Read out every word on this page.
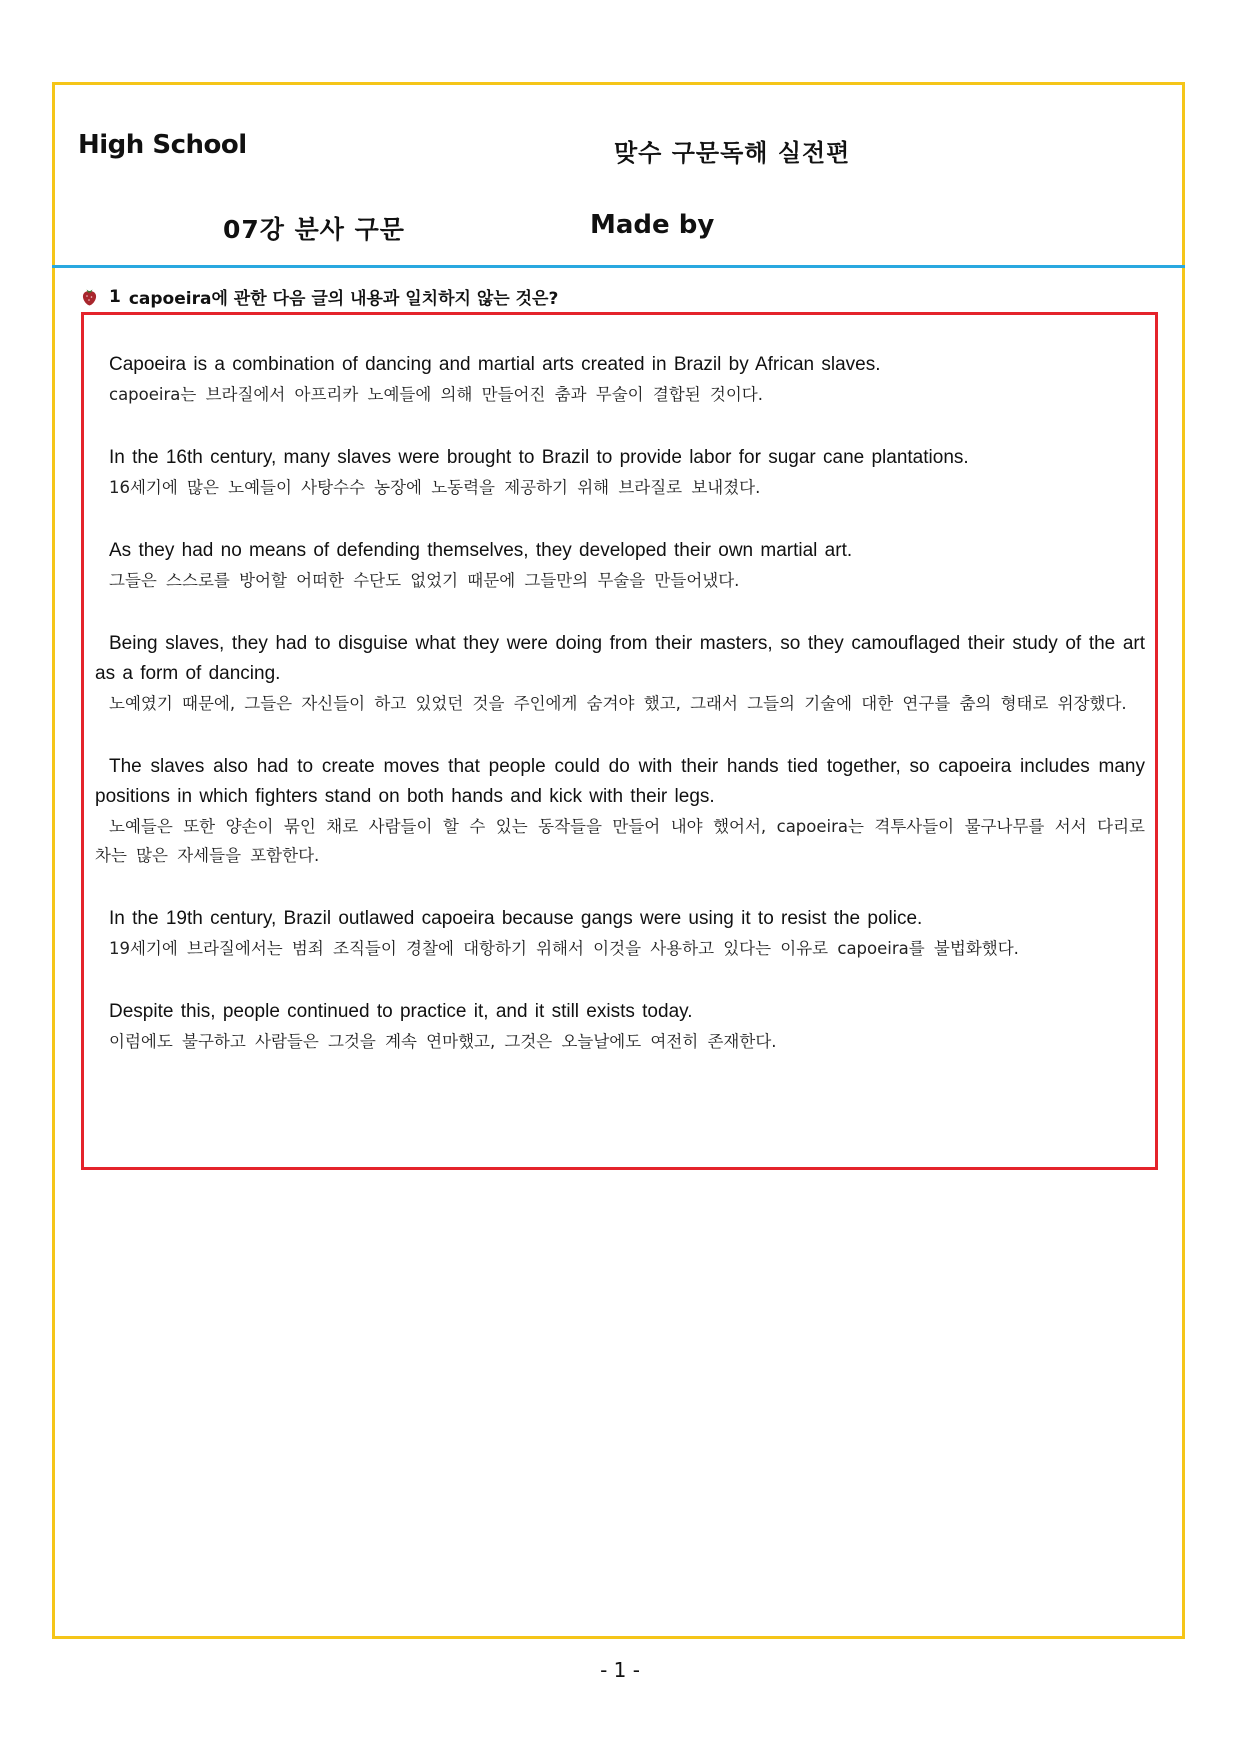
High School	맞수 구문독해 실전편
07강 분사 구문	Made by
1 capoeira에 관한 다음 글의 내용과 일치하지 않는 것은?
Capoeira is a combination of dancing and martial arts created in Brazil by African slaves.
capoeira는 브라질에서 아프리카 노예들에 의해 만들어진 춤과 무술이 결합된 것이다.
In the 16th century, many slaves were brought to Brazil to provide labor for sugar cane plantations.
16세기에 많은 노예들이 사탕수수 농장에 노동력을 제공하기 위해 브라질로 보내졌다.
As they had no means of defending themselves, they developed their own martial art.
그들은 스스로를 방어할 어떠한 수단도 없었기 때문에 그들만의 무술을 만들어냈다.
Being slaves, they had to disguise what they were doing from their masters, so they camouflaged their study of the art as a form of dancing.
노예였기 때문에, 그들은 자신들이 하고 있었던 것을 주인에게 숨겨야 했고, 그래서 그들의 기술에 대한 연구를 춤의 형태로 위장했다.
The slaves also had to create moves that people could do with their hands tied together, so capoeira includes many positions in which fighters stand on both hands and kick with their legs.
노예들은 또한 양손이 묶인 채로 사람들이 할 수 있는 동작들을 만들어 내야 했어서, capoeira는 격투사들이 물구나무를 서서 다리로 차는 많은 자세들을 포함한다.
In the 19th century, Brazil outlawed capoeira because gangs were using it to resist the police.
19세기에 브라질에서는 범죄 조직들이 경찰에 대항하기 위해서 이것을 사용하고 있다는 이유로 capoeira를 불법화했다.
Despite this, people continued to practice it, and it still exists today.
이럼에도 불구하고 사람들은 그것을 계속 연마했고, 그것은 오늘날에도 여전히 존재한다.
- 1 -
